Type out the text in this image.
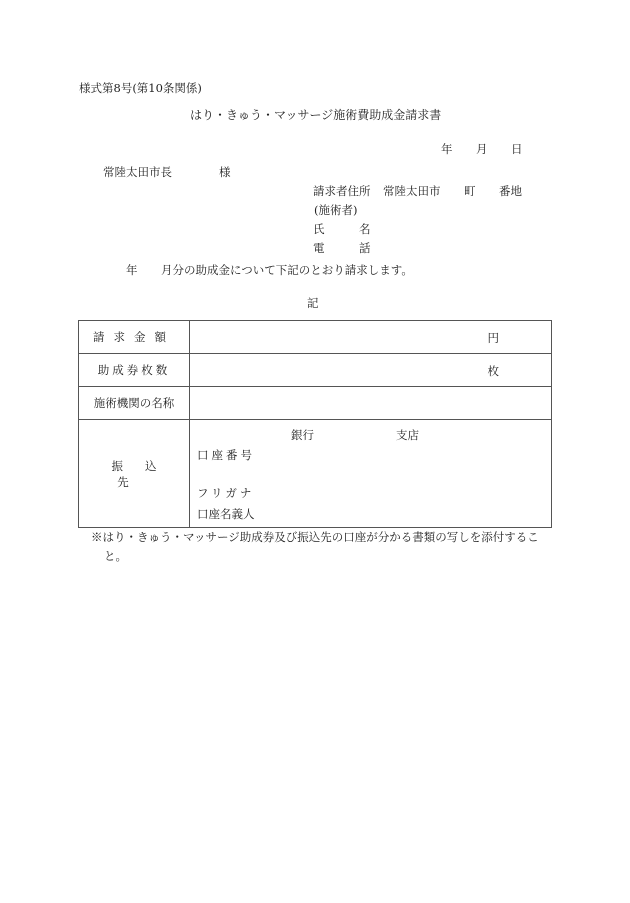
様式第8号(第10条関係)
はり・きゅう・マッサージ施術費助成金請求書
年 月 日
常陸太田市長	様
請求者住所 常陸太田市 町 番地
(施術者)
氏	名
電	話
年 月分の助成金について下記のとおり請求します。
記
請求金額	円

助成券枚数	枚

施術機関の名称	
振込先	銀行 支店
口座番号
フリガナ
口座名義人
※はり・きゅう・マッサージ助成券及び振込先の口座が分かる書類の写しを添付するこ
と。
